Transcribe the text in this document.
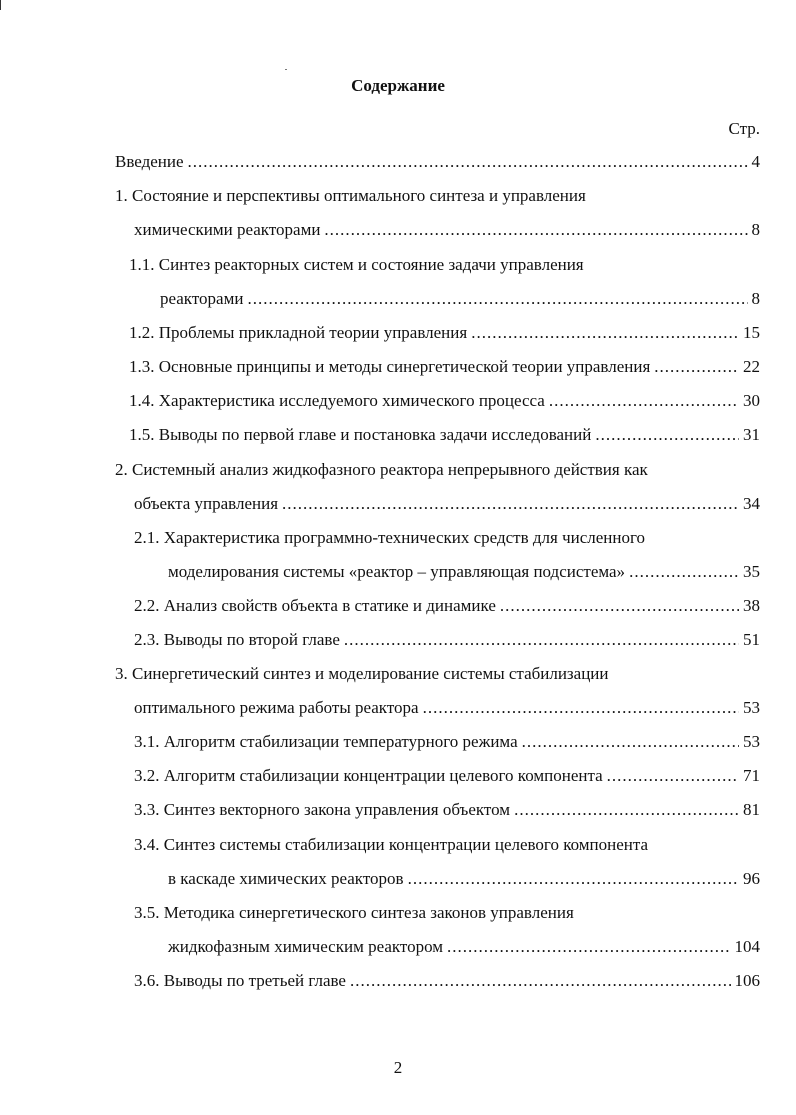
Содержание
Стр.
Введение .....	4
1. Состояние и перспективы оптимального синтеза и управления
химическими реакторами .....	8
1.1. Синтез реакторных систем и состояние задачи управления
реакторами .....	8
1.2. Проблемы прикладной теории управления .....	15
1.3. Основные принципы и методы синергетической теории управления .....	22
1.4. Характеристика исследуемого химического процесса .....	30
1.5. Выводы по первой главе и постановка задачи исследований .....	31
2. Системный анализ жидкофазного реактора непрерывного действия как
объекта управления .....	34
2.1. Характеристика программно-технических средств для численного
моделирования системы «реактор – управляющая подсистема» .....	35
2.2. Анализ свойств объекта в статике и динамике .....	38
2.3. Выводы по второй главе .....	51
3. Синергетический синтез и моделирование системы стабилизации
оптимального режима работы реактора .....	53
3.1. Алгоритм стабилизации температурного режима .....	53
3.2. Алгоритм стабилизации концентрации целевого компонента .....	71
3.3. Синтез векторного закона управления объектом .....	81
3.4. Синтез системы стабилизации концентрации целевого компонента
в каскаде химических реакторов .....	96
3.5. Методика синергетического синтеза законов управления
жидкофазным химическим реактором .....	104
3.6. Выводы по третьей главе .....	106
2
